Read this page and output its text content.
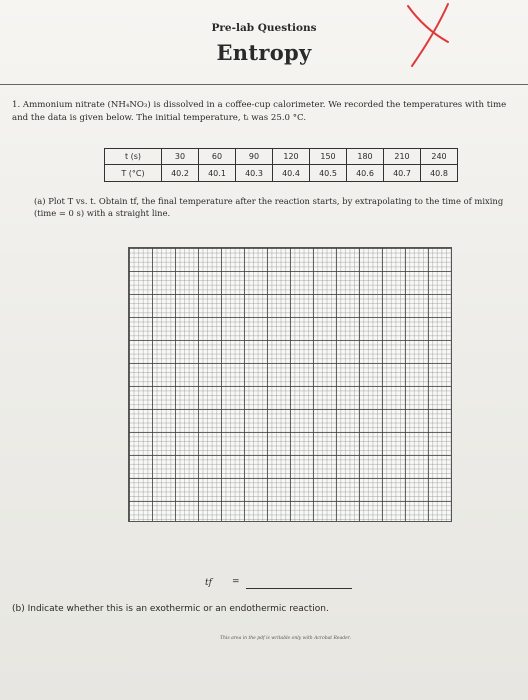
Pre-lab Questions
Entropy
1. Ammonium nitrate (NH₄NO₃) is dissolved in a coffee-cup calorimeter. We recorded the temperatures with time and the data is given below. The initial temperature, tᵢ was 25.0 °C.
t (s)	30	60	90	120	150	180	210	240
T (°C)	40.2	40.1	40.3	40.4	40.5	40.6	40.7	40.8
(a) Plot T vs. t. Obtain tf, the final temperature after the reaction starts, by extrapolating to the time of mixing (time = 0 s) with a straight line.
tf =
(b) Indicate whether this is an exothermic or an endothermic reaction.
This area in the pdf is writable only with Acrobat Reader.
